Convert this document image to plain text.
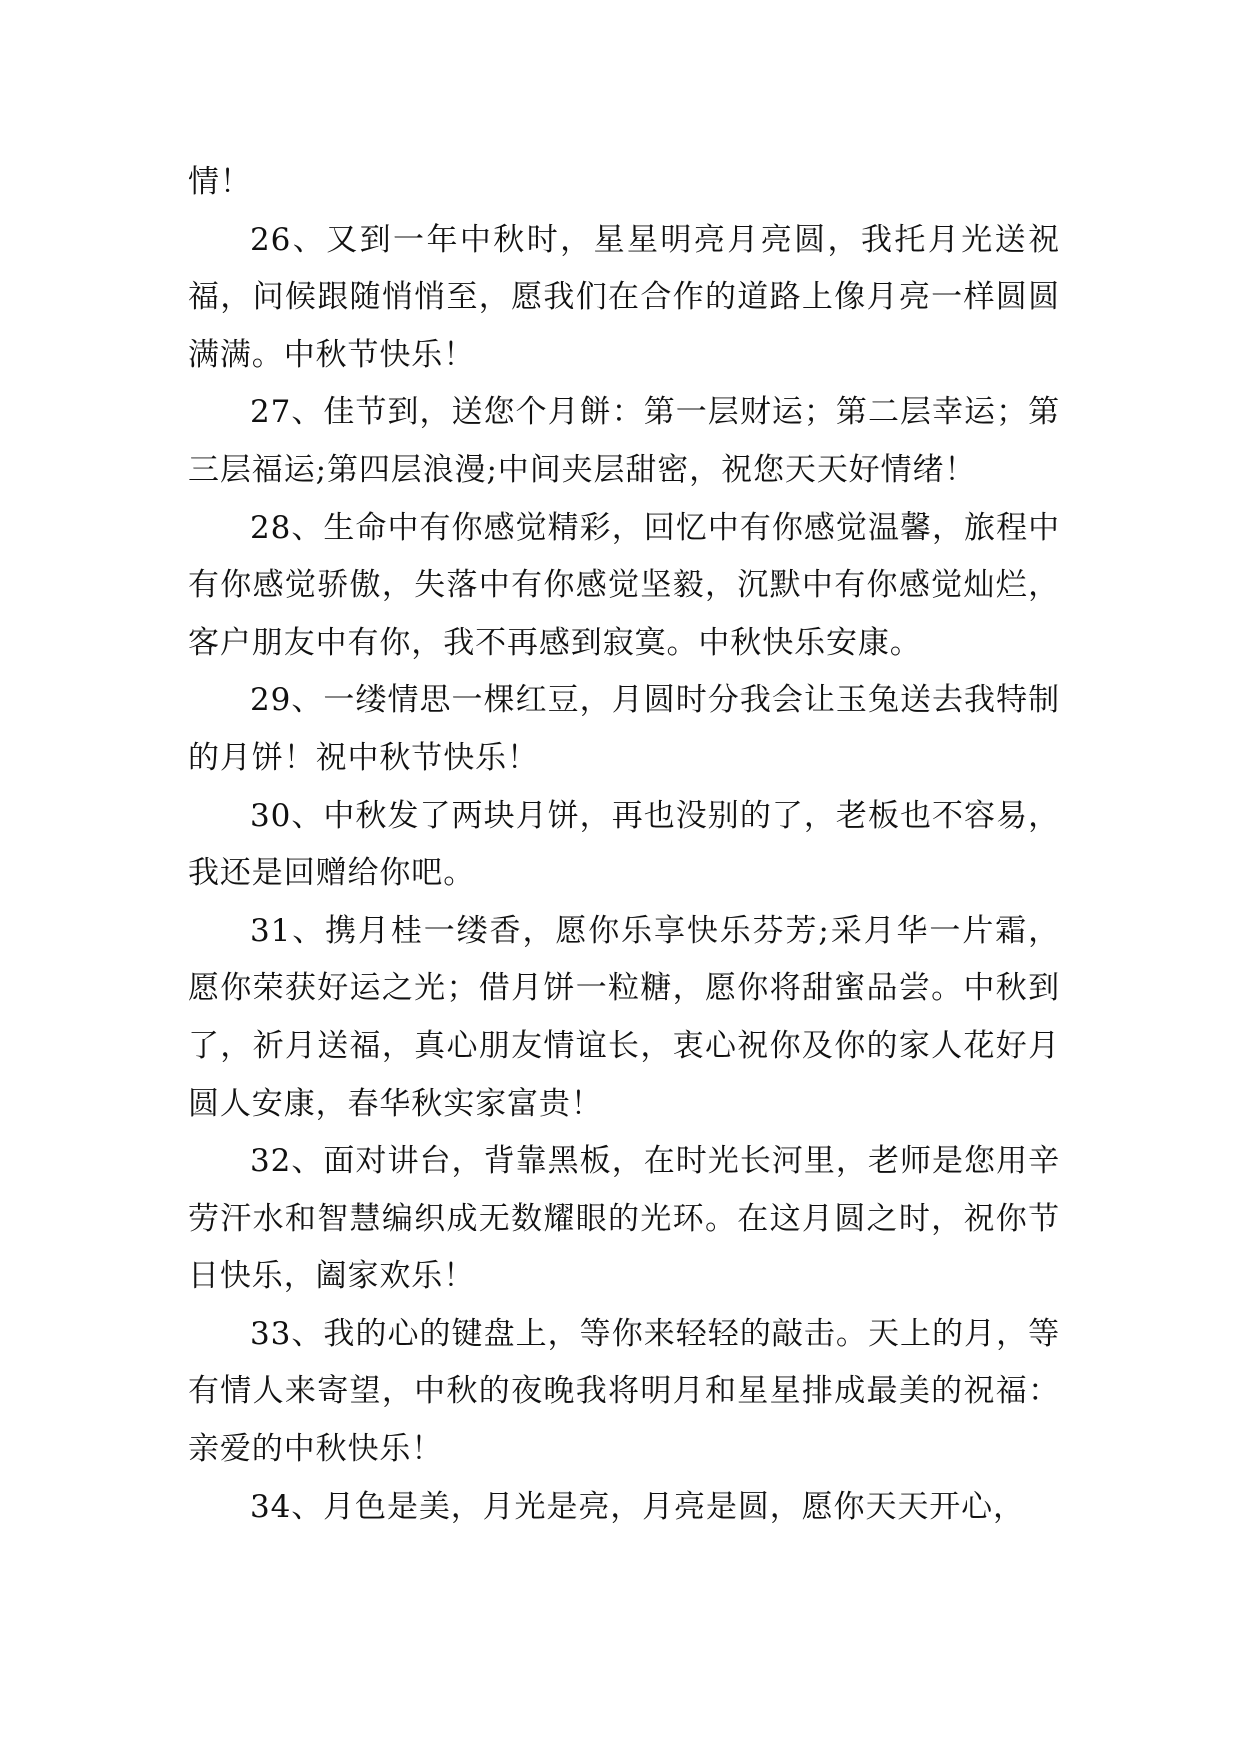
情！

26、又到一年中秋时，星星明亮月亮圆，我托月光送祝福，问候跟随悄悄至，愿我们在合作的道路上像月亮一样圆圆满满。中秋节快乐！

27、佳节到，送您个月餅：第一层财运；第二层幸运；第三层福运;第四层浪漫;中间夹层甜密，祝您天天好情绪！

28、生命中有你感觉精彩，回忆中有你感觉温馨，旅程中有你感觉骄傲，失落中有你感觉坚毅，沉默中有你感觉灿烂，客户朋友中有你，我不再感到寂寞。中秋快乐安康。

29、一缕情思一棵红豆，月圆时分我会让玉兔送去我特制的月饼！祝中秋节快乐！

30、中秋发了两块月饼，再也没别的了，老板也不容易，我还是回赠给你吧。

31、携月桂一缕香，愿你乐享快乐芬芳;采月华一片霜，愿你荣获好运之光；借月饼一粒糖，愿你将甜蜜品尝。中秋到了，祈月送福，真心朋友情谊长，衷心祝你及你的家人花好月圆人安康，春华秋实家富贵！

32、面对讲台，背靠黑板，在时光长河里，老师是您用辛劳汗水和智慧编织成无数耀眼的光环。在这月圆之时，祝你节日快乐，阖家欢乐！

33、我的心的键盘上，等你来轻轻的敲击。天上的月，等有情人来寄望，中秋的夜晚我将明月和星星排成最美的祝福：亲爱的中秋快乐！

34、月色是美，月光是亮，月亮是圆，愿你天天开心，
